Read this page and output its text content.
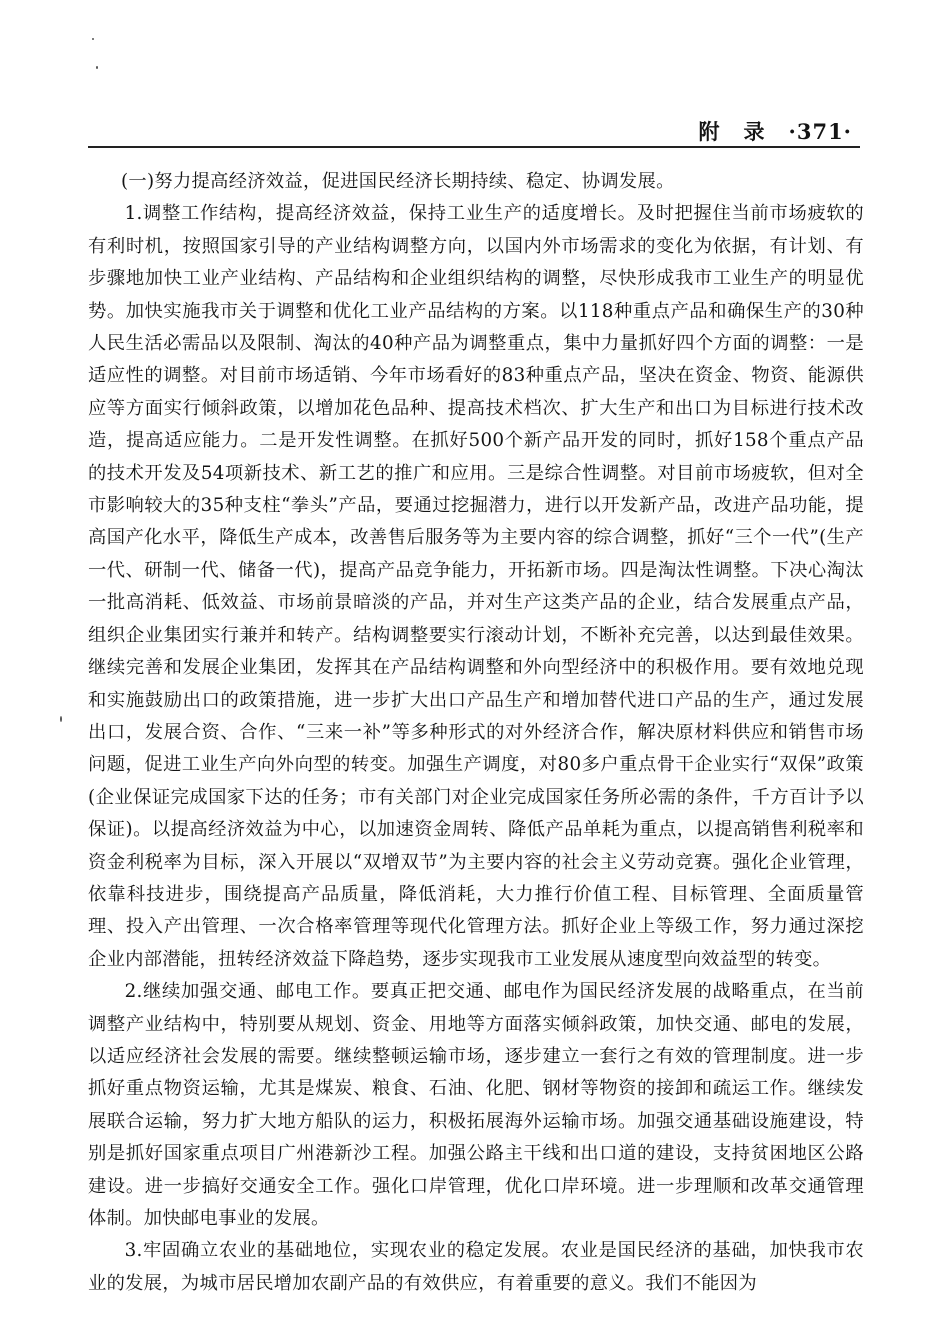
附录·371·

(一)努力提高经济效益，促进国民经济长期持续、稳定、协调发展。

1.调整工作结构，提高经济效益，保持工业生产的适度增长。及时把握住当前市场疲软的有利时机，按照国家引导的产业结构调整方向，以国内外市场需求的变化为依据，有计划、有步骤地加快工业产业结构、产品结构和企业组织结构的调整，尽快形成我市工业生产的明显优势。加快实施我市关于调整和优化工业产品结构的方案。以118种重点产品和确保生产的30种人民生活必需品以及限制、淘汰的40种产品为调整重点，集中力量抓好四个方面的调整：一是适应性的调整。对目前市场适销、今年市场看好的83种重点产品，坚决在资金、物资、能源供应等方面实行倾斜政策，以增加花色品种、提高技术档次、扩大生产和出口为目标进行技术改造，提高适应能力。二是开发性调整。在抓好500个新产品开发的同时，抓好158个重点产品的技术开发及54项新技术、新工艺的推广和应用。三是综合性调整。对目前市场疲软，但对全市影响较大的35种支柱“拳头”产品，要通过挖掘潜力，进行以开发新产品，改进产品功能，提高国产化水平，降低生产成本，改善售后服务等为主要内容的综合调整，抓好“三个一代”(生产一代、研制一代、储备一代)，提高产品竞争能力，开拓新市场。四是淘汰性调整。下决心淘汰一批高消耗、低效益、市场前景暗淡的产品，并对生产这类产品的企业，结合发展重点产品，组织企业集团实行兼并和转产。结构调整要实行滚动计划，不断补充完善，以达到最佳效果。继续完善和发展企业集团，发挥其在产品结构调整和外向型经济中的积极作用。要有效地兑现和实施鼓励出口的政策措施，进一步扩大出口产品生产和增加替代进口产品的生产，通过发展出口，发展合资、合作、“三来一补”等多种形式的对外经济合作，解决原材料供应和销售市场问题，促进工业生产向外向型的转变。加强生产调度，对80多户重点骨干企业实行“双保”政策(企业保证完成国家下达的任务；市有关部门对企业完成国家任务所必需的条件，千方百计予以保证)。以提高经济效益为中心，以加速资金周转、降低产品单耗为重点，以提高销售利税率和资金利税率为目标，深入开展以“双增双节”为主要内容的社会主义劳动竞赛。强化企业管理，依靠科技进步，围绕提高产品质量，降低消耗，大力推行价值工程、目标管理、全面质量管理、投入产出管理、一次合格率管理等现代化管理方法。抓好企业上等级工作，努力通过深挖企业内部潜能，扭转经济效益下降趋势，逐步实现我市工业发展从速度型向效益型的转变。

2.继续加强交通、邮电工作。要真正把交通、邮电作为国民经济发展的战略重点，在当前调整产业结构中，特别要从规划、资金、用地等方面落实倾斜政策，加快交通、邮电的发展，以适应经济社会发展的需要。继续整顿运输市场，逐步建立一套行之有效的管理制度。进一步抓好重点物资运输，尤其是煤炭、粮食、石油、化肥、钢材等物资的接卸和疏运工作。继续发展联合运输，努力扩大地方船队的运力，积极拓展海外运输市场。加强交通基础设施建设，特别是抓好国家重点项目广州港新沙工程。加强公路主干线和出口道的建设，支持贫困地区公路建设。进一步搞好交通安全工作。强化口岸管理，优化口岸环境。进一步理顺和改革交通管理体制。加快邮电事业的发展。

3.牢固确立农业的基础地位，实现农业的稳定发展。农业是国民经济的基础，加快我市农业的发展，为城市居民增加农副产品的有效供应，有着重要的意义。我们不能因为
